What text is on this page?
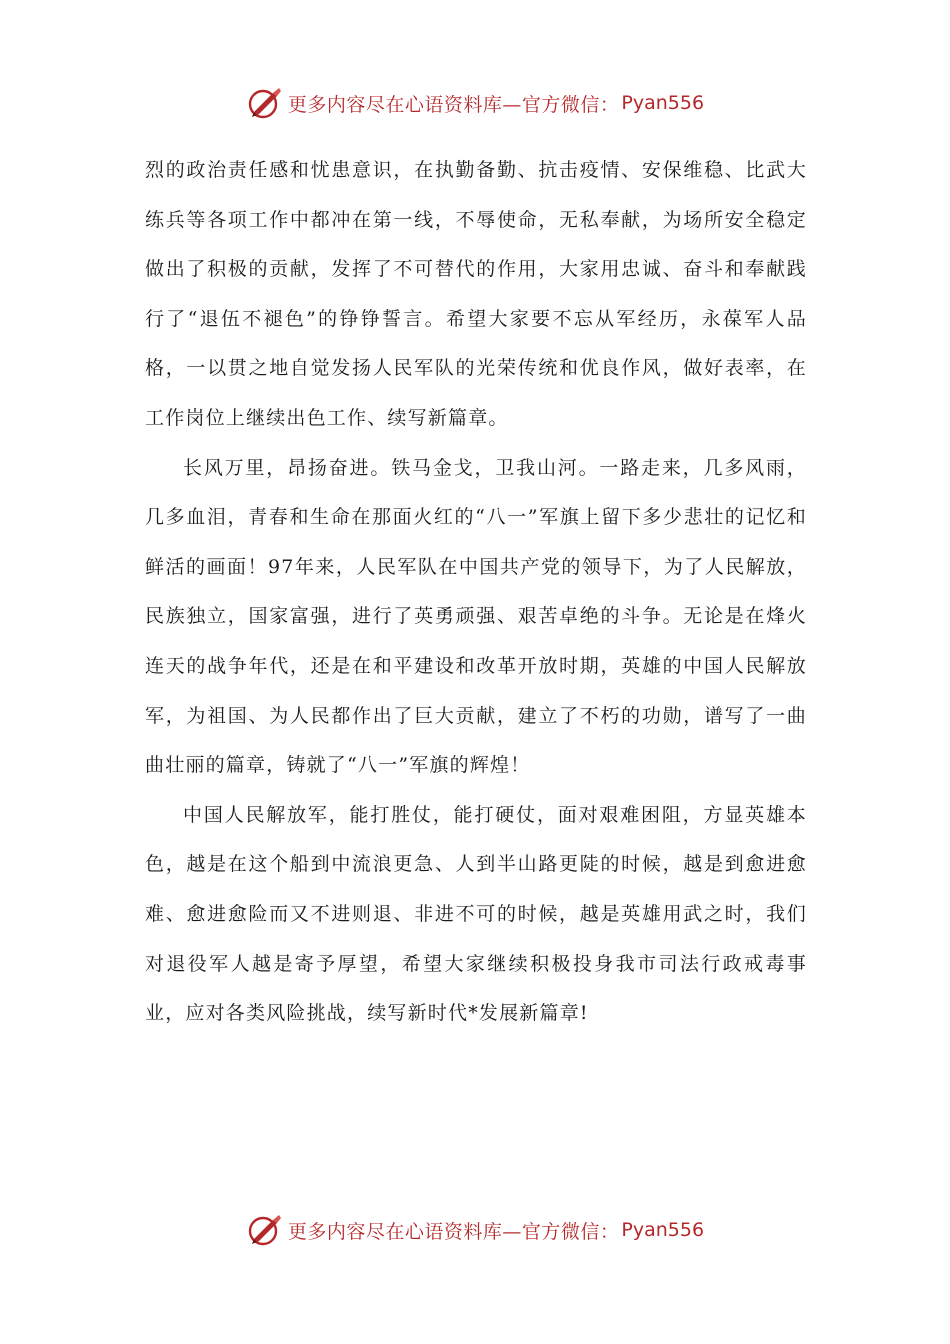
更多内容尽在心语资料库—官方微信： Pyan556

烈的政治责任感和忧患意识，在执勤备勤、抗击疫情、安保维稳、比武大练兵等各项工作中都冲在第一线，不辱使命，无私奉献，为场所安全稳定做出了积极的贡献，发挥了不可替代的作用，大家用忠诚、奋斗和奉献践行了“退伍不褪色”的铮铮誓言。希望大家要不忘从军经历，永葆军人品格，一以贯之地自觉发扬人民军队的光荣传统和优良作风，做好表率，在工作岗位上继续出色工作、续写新篇章。

长风万里，昂扬奋进。铁马金戈，卫我山河。一路走来，几多风雨，几多血泪，青春和生命在那面火红的“八一”军旗上留下多少悲壮的记忆和鲜活的画面！97年来，人民军队在中国共产党的领导下，为了人民解放，民族独立，国家富强，进行了英勇顽强、艰苦卓绝的斗争。无论是在烽火连天的战争年代，还是在和平建设和改革开放时期，英雄的中国人民解放军，为祖国、为人民都作出了巨大贡献，建立了不朽的功勋，谱写了一曲曲壮丽的篇章，铸就了“八一”军旗的辉煌！

中国人民解放军，能打胜仗，能打硬仗，面对艰难困阻，方显英雄本色，越是在这个船到中流浪更急、人到半山路更陡的时候，越是到愈进愈难、愈进愈险而又不进则退、非进不可的时候，越是英雄用武之时，我们对退役军人越是寄予厚望，希望大家继续积极投身我市司法行政戒毒事业，应对各类风险挑战，续写新时代*发展新篇章!

更多内容尽在心语资料库—官方微信： Pyan556
